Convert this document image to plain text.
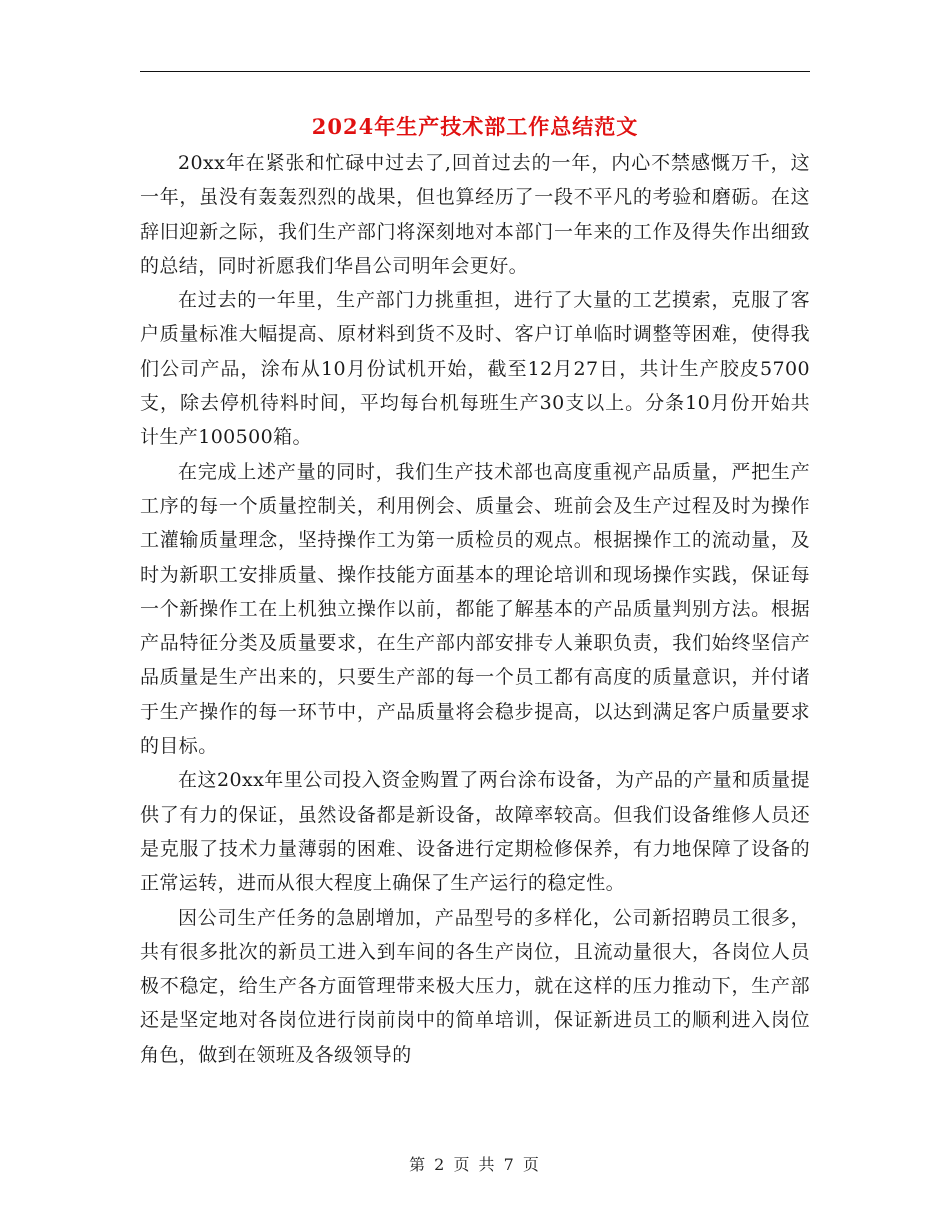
2024年生产技术部工作总结范文

20xx年在紧张和忙碌中过去了,回首过去的一年，内心不禁感慨万千，这一年，虽没有轰轰烈烈的战果，但也算经历了一段不平凡的考验和磨砺。在这辞旧迎新之际，我们生产部门将深刻地对本部门一年来的工作及得失作出细致的总结，同时祈愿我们华昌公司明年会更好。

在过去的一年里，生产部门力挑重担，进行了大量的工艺摸索，克服了客户质量标准大幅提高、原材料到货不及时、客户订单临时调整等困难，使得我们公司产品，涂布从10月份试机开始，截至12月27日，共计生产胶皮5700支，除去停机待料时间，平均每台机每班生产30支以上。分条10月份开始共计生产100500箱。

在完成上述产量的同时，我们生产技术部也高度重视产品质量，严把生产工序的每一个质量控制关，利用例会、质量会、班前会及生产过程及时为操作工灌输质量理念，坚持操作工为第一质检员的观点。根据操作工的流动量，及时为新职工安排质量、操作技能方面基本的理论培训和现场操作实践，保证每一个新操作工在上机独立操作以前，都能了解基本的产品质量判别方法。根据产品特征分类及质量要求，在生产部内部安排专人兼职负责，我们始终坚信产品质量是生产出来的，只要生产部的每一个员工都有高度的质量意识，并付诸于生产操作的每一环节中，产品质量将会稳步提高，以达到满足客户质量要求的目标。

在这20xx年里公司投入资金购置了两台涂布设备，为产品的产量和质量提供了有力的保证，虽然设备都是新设备，故障率较高。但我们设备维修人员还是克服了技术力量薄弱的困难、设备进行定期检修保养，有力地保障了设备的正常运转，进而从很大程度上确保了生产运行的稳定性。

因公司生产任务的急剧增加，产品型号的多样化，公司新招聘员工很多，共有很多批次的新员工进入到车间的各生产岗位，且流动量很大，各岗位人员极不稳定，给生产各方面管理带来极大压力，就在这样的压力推动下，生产部还是坚定地对各岗位进行岗前岗中的简单培训，保证新进员工的顺利进入岗位角色，做到在领班及各级领导的

第 2 页 共 7 页
